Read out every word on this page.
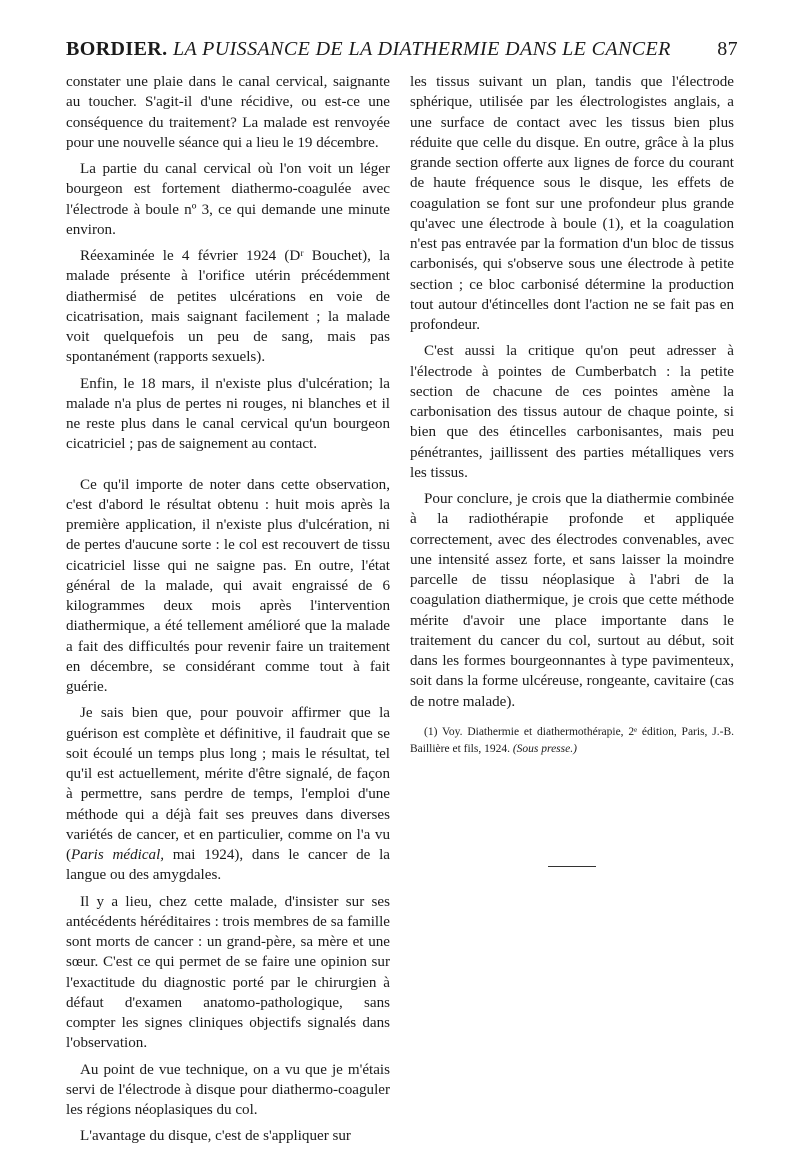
BORDIER. LA PUISSANCE DE LA DIATHERMIE DANS LE CANCER 87

constater une plaie dans le canal cervical, saignante au toucher. S'agit-il d'une récidive, ou est-ce une conséquence du traitement? La malade est renvoyée pour une nouvelle séance qui a lieu le 19 décembre.

La partie du canal cervical où l'on voit un léger bourgeon est fortement diathermo-coagulée avec l'électrode à boule nº 3, ce qui demande une minute environ.

Réexaminée le 4 février 1924 (Dʳ Bouchet), la malade présente à l'orifice utérin précédemment diathermisé de petites ulcérations en voie de cicatrisation, mais saignant facilement ; la malade voit quelquefois un peu de sang, mais pas spontanément (rapports sexuels).

Enfin, le 18 mars, il n'existe plus d'ulcération; la malade n'a plus de pertes ni rouges, ni blanches et il ne reste plus dans le canal cervical qu'un bourgeon cicatriciel ; pas de saignement au contact.

Ce qu'il importe de noter dans cette observation, c'est d'abord le résultat obtenu : huit mois après la première application, il n'existe plus d'ulcération, ni de pertes d'aucune sorte : le col est recouvert de tissu cicatriciel lisse qui ne saigne pas. En outre, l'état général de la malade, qui avait engraissé de 6 kilogrammes deux mois après l'intervention diathermique, a été tellement amélioré que la malade a fait des difficultés pour revenir faire un traitement en décembre, se considérant comme tout à fait guérie.

Je sais bien que, pour pouvoir affirmer que la guérison est complète et définitive, il faudrait que se soit écoulé un temps plus long ; mais le résultat, tel qu'il est actuellement, mérite d'être signalé, de façon à permettre, sans perdre de temps, l'emploi d'une méthode qui a déjà fait ses preuves dans diverses variétés de cancer, et en particulier, comme on l'a vu (Paris médical, mai 1924), dans le cancer de la langue ou des amygdales.

Il y a lieu, chez cette malade, d'insister sur ses antécédents héréditaires : trois membres de sa famille sont morts de cancer : un grand-père, sa mère et une sœur. C'est ce qui permet de se faire une opinion sur l'exactitude du diagnostic porté par le chirurgien à défaut d'examen anatomo-pathologique, sans compter les signes cliniques objectifs signalés dans l'observation.

Au point de vue technique, on a vu que je m'étais servi de l'électrode à disque pour diathermo-coaguler les régions néoplasiques du col.

L'avantage du disque, c'est de s'appliquer sur

les tissus suivant un plan, tandis que l'électrode sphérique, utilisée par les électrologistes anglais, a une surface de contact avec les tissus bien plus réduite que celle du disque. En outre, grâce à la plus grande section offerte aux lignes de force du courant de haute fréquence sous le disque, les effets de coagulation se font sur une profondeur plus grande qu'avec une électrode à boule (1), et la coagulation n'est pas entravée par la formation d'un bloc de tissus carbonisés, qui s'observe sous une électrode à petite section ; ce bloc carbonisé détermine la production tout autour d'étincelles dont l'action ne se fait pas en profondeur.

C'est aussi la critique qu'on peut adresser à l'électrode à pointes de Cumberbatch : la petite section de chacune de ces pointes amène la carbonisation des tissus autour de chaque pointe, si bien que des étincelles carbonisantes, mais peu pénétrantes, jaillissent des parties métalliques vers les tissus.

Pour conclure, je crois que la diathermie combinée à la radiothérapie profonde et appliquée correctement, avec des électrodes convenables, avec une intensité assez forte, et sans laisser la moindre parcelle de tissu néoplasique à l'abri de la coagulation diathermique, je crois que cette méthode mérite d'avoir une place importante dans le traitement du cancer du col, surtout au début, soit dans les formes bourgeonnantes à type pavimenteux, soit dans la forme ulcéreuse, rongeante, cavitaire (cas de notre malade).

(1) Voy. Diathermie et diathermothérapie, 2ᵉ édition, Paris, J.-B. Baillière et fils, 1924. (Sous presse.)
